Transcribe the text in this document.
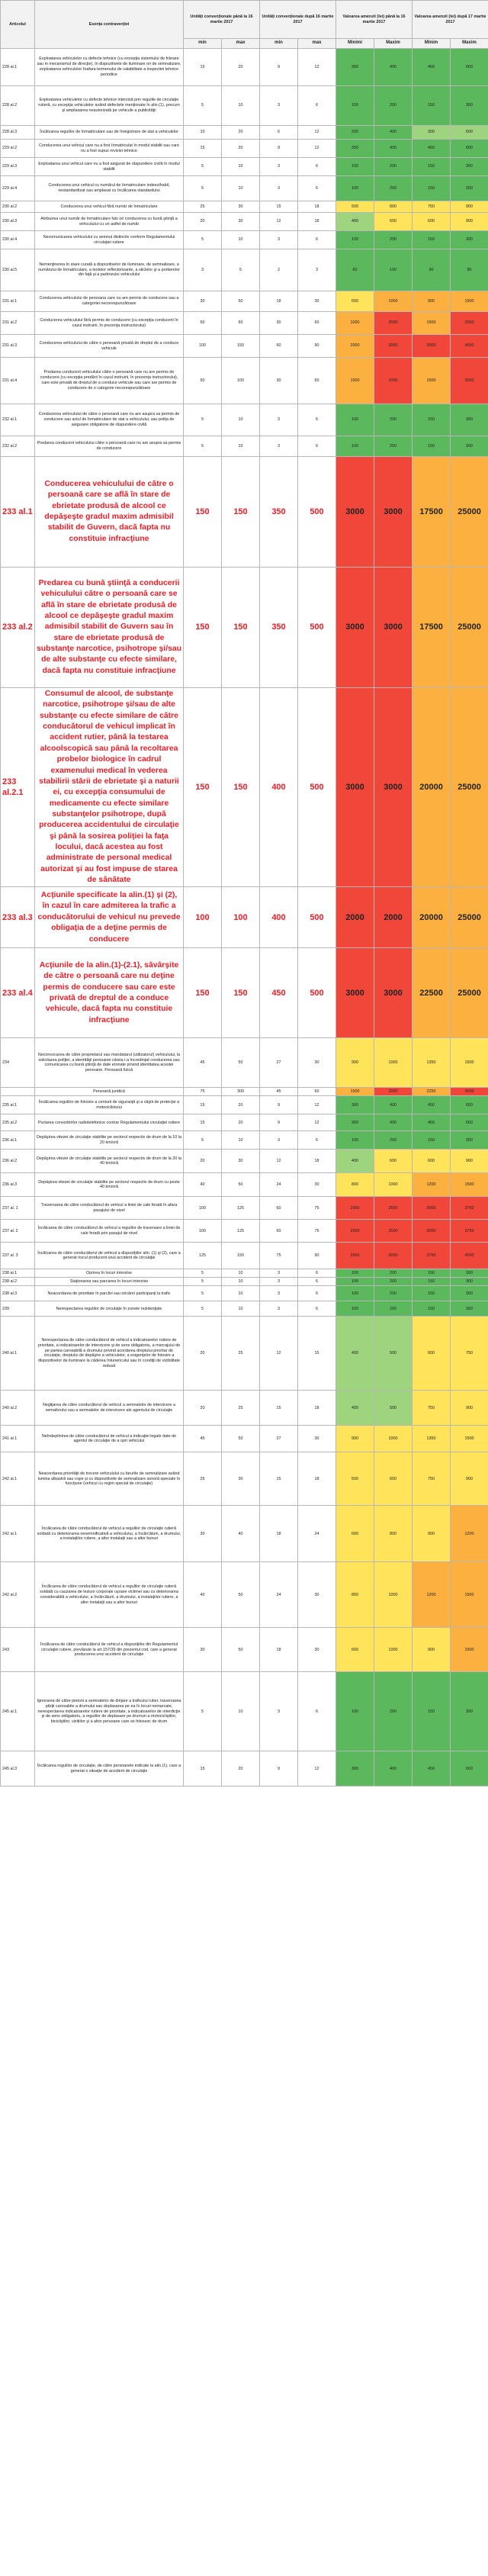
Articolul	Esența contravenției	Unități convenționale până la 16 martie 2017		Unități convenționale după 16 martie 2017		Valoarea amenzii (lei) până la 16 martie 2017		Valoarea amenzii (lei) după 17 martie 2017	
		min	max	min	max	Minimi	Maxim	Minim	Maxim
228 al.1	Exploatarea vehiculelor cu defecte tehnice (cu excepţia sistemului de frânare sau in mecanismul de direcţie), în dispozitivele de iluminare ori de semnalizare, exploatarea vehiculelor înafara termenului de valabilitate a inspectiei tehnice periodice	15	20	9	12	300	400	450	600
228 al.2	Exploatarea vehiculelor cu defecte tehnice interzisă prin regulile de circulaţie rutieră, cu excepţia vehiculelor având defectele menţionate în alin.(1), precum şi amplasarea neautorizată pe vehicule a publicităţii	5	10	3	6	100	200	150	300
228 al.3	Încălcarea regulilor de înmatriculare sau de înregistrare de stat a vehiculelor	10	20	6	12	200	400	300	600
229 al.2	Conducerea unui vehicul care nu a fost înmatriculat în modul stabilit sau care nu a fost supus reviziei tehnice	15	20	9	12	300	400	450	600
229 al.3	Exploatarea unui vehicul care nu a fost asigurat de răspundere civilă în modul stabilit	5	10	3	6	100	200	150	300
229 al.4	Conducerea unui vehicul cu numărul de înmatriculare indescifrabil, nestandardizat sau amplasat cu încălcarea standardului	5	10	3	6	100	200	150	300
230 al.2	Conducerea unui vehicul fără număr de înmatriculare	25	30	15	18	500	600	750	900
230 al.3	Atribuirea unui număr de înmatriculare fals ori conducerea cu bună ştiinţă a vehiculului cu un astfel de număr	20	30	12	18	400	600	600	900
230 al.4	Necomunicarea vehiculului cu semnul distinctiv conform Regulamentului circulaţiei rutiere	5	10	3	6	100	200	150	300
230 al.5	Nemenţinerea în stare curată a dispozitivelor de iluminare, de semnalizare, a numărului de înmatriculare, a textelor reflectorizante, a sticlelor şi a portierelor din faţă şi a parbrizului vehiculului	3	5	2	3	60	100	90	90
231 al.1	Conducerea vehiculului de persoana care nu are permis de conducere sau a categoriei necorespunzătoare	30	50	18	30	600	1000	900	1500
231 al.2	Conducerea vehiculului fără permis de conducere (cu excepţia conducerii în cazul instruirii, în prezenţa instructorului)	50	60	30	60	1000	2000	1500	3000
231 al.3	Conducerea vehiculului de către o persoană privată de dreptul de a conduce vehicule	100	150	60	90	2000	3000	3000	4500
231 al.4	Predarea conducerii vehiculului către o persoană care nu are permis de conducere (cu excepţia predării în cazul instruirii, în prezenţa instructorului), care este privată de dreptul de a conduce vehicule sau care are permis de conducere de o categorie necorespunzătoare	50	100	30	60	1000	2000	1500	3000
232 al.1	Conducerea vehiculului de către o persoană care nu are asupra sa permis de conducere sau actul de înmatriculare de stat a vehiculului, sau polița de asigurare obligatorie de răspundere civilă	5	10	3	6	100	200	150	300
232 al.2	Predarea conducerii vehiculului către o persoană care nu are asupra sa permis de conducere	5	10	3	6	100	200	150	300
233 al.1	Conducerea vehiculului de către o persoană care se află în stare de ebrietate produsă de alcool ce depăşeşte gradul maxim admisibil stabilit de Guvern, dacă fapta nu constituie infracţiune	150	150	350	500	3000	3000	17500	25000
233 al.2	Predarea cu bună ştiinţă a conducerii vehiculului către o persoană care se află în stare de ebrietate produsă de alcool ce depăşeşte gradul maxim admisibil stabilit de Guvern sau în stare de ebrietate produsă de substanţe narcotice, psihotrope şi/sau de alte substanţe cu efecte similare, dacă fapta nu constituie infracţiune	150	150	350	500	3000	3000	17500	25000
233 al.2.1	Consumul de alcool, de substanţe narcotice, psihotrope şi/sau de alte substanţe cu efecte similare de către conducătorul de vehicul implicat în accident rutier, până la testarea alcoolscopică sau până la recoltarea probelor biologice în cadrul examenului medical în vederea stabilirii stării de ebrietate şi a naturii ei, cu excepţia consumului de medicamente cu efecte similare substanţelor psihotrope, după producerea accidentului de circulaţie şi până la sosirea poliţiei la faţa locului, dacă acestea au fost administrate de personal medical autorizat şi au fost impuse de starea de sănătate	150	150	400	500	3000	3000	20000	25000
233 al.3	Acţiunile specificate la alin.(1) şi (2), în cazul în care admiterea la trafic a conducătorului de vehicul nu prevede obligaţia de a deţine permis de conducere	100	100	400	500	2000	2000	20000	25000
233 al.4	Acţiunile de la alin.(1)-(2.1), săvârşite de către o persoană care nu deţine permis de conducere sau care este privată de dreptul de a conduce vehicule, dacă fapta nu constituie infracţiune	150	150	450	500	3000	3000	22500	25000
234	Neconvocarea de către proprietarul sau mandatarul (utilizatorul) vehiculului, la solicitarea poliţiei, a identităţii persoanei căreia i-a încredinţat conducerea sau comunicarea cu bună ştiinţă de date eronate privind identitatea acestei persoane. Persoană fizică	45	50	27	30	900	1000	1350	1500
	Persoană juridică	75	300	45	60	1500	2000	2250	3000
235 al.1	Încălcarea regulilor de folosire a centurii de siguranţă şi a căştii de protecţie a motociclistului	15	20	9	12	300	400	450	600
235 al.2	Purtarea convorbirilor radiotelefonice contrar Regulamentului circulaţiei rutiere	15	20	9	12	300	400	450	600
236 al.1	Depăşirea vitezei de circulaţie stabilite pe sectorul respectiv de drum de la 10 la 20 km/oră	5	10	3	6	100	200	150	300
236 al.2	Depăşirea vitezei de circulaţie stabilite pe sectorul respectiv de drum de la 20 la 40 km/oră	20	30	12	18	400	600	600	900
236 al.3	Depăşirea vitezei de circulaţie stabilite pe sectorul respectiv de drum cu peste 40 km/oră	40	50	24	30	800	1000	1200	1500
237 al. 1	Traversarea de către conducătorul de vehicul a liniei de cale ferată în afara pasajului de nivel	100	125	60	75	2000	2500	3000	3750
237 al. 2	Încălcarea de către conducătorul de vehicul a regulilor de traversare a liniei de cale ferată prin pasajul de nivel	100	125	60	75	2000	2500	3000	3750
237 al. 3	Încălcarea de către conducătorul de vehicul a dispoziţiilor alin. (1) şi (2), care a generat riscul producerii unui accident de circulaţie	125	150	75	90	2500	3000	3750	4500
238 al.1	Oprirea în locuri interzise	5	10	3	6	100	200	150	300
238 al.2	Staţionarea sau parcarea în locuri interzise	5	10	3	6	100	200	150	300
238 al.3	Neacordarea de prioritate în parcări sau oricărei participanţi la trafic	5	10	3	6	100	200	150	300
239	Nerespectarea regulilor de circulaţie în zonele rezidenţiale	5	10	3	6	100	200	150	300
240 al.1	Nerespectarea de către conducătorul de vehicul a indicatoarelor rutiere de prioritate, a indicatoarelor de interzicere şi de sens obligatoriu, a marcajului de pe partea carosabilă a drumului privind acordarea dreptului prioritar de circulaţie, dreptului de depăşire a vehiculelor, a exigenţelor de folosire a dispozitivelor de iluminare la căderea întunericului sau în condiţii de vizibilitate redusă	20	25	12	15	400	500	600	750
240 al.2	Neglijarea de către conducătorul de vehicul a semnalelor de interzicere a semaforului sau a semnalelor de interzicere ale agentului de circulaţie	20	25	15	18	400	500	750	900
241 al.1	Neîndeplinirea de către conducătorul de vehicul a indicaţiei legale date de agentul de circulaţie de a opri vehiculul	45	50	27	30	900	1000	1350	1500
242 al.1	Neacordarea priorităţii de trecere vehiculului cu farurile de semnalizare având lumina albastră sau roşie şi cu dispozitivele de semnalizare sonoră speciale în funcţiune (vehicul cu regim special de circulaţie)	25	30	15	18	500	600	750	900
242 al.1	Încălcarea de către conducătorul de vehicul a regulilor de circulaţie rutieră soldată cu deteriorarea nesemnificativă a vehiculului, a încărcăturii, a drumului, a instalaţiilor rutiere, a altor instalaţii sau a altor bunuri	30	40	18	24	600	800	900	1200
242 al.2	Încălcarea de către conducătorul de vehicul a regulilor de circulaţie rutieră soldată cu cauzarea de leziuni corporale uşoare victimei sau cu deteriorarea considerabilă a vehiculului, a încărcăturii, a drumului, a instalaţiilor rutiere, a altor instalaţii sau a altor bunuri	40	50	24	30	800	1000	1200	1500
243	Încălcarea de către conducătorul de vehicul a dispoziţiilor din Regulamentul circulaţiei rutiere, prevăzute la art.157/39 din prezentul cod, care a generat producerea unui accident de circulaţie	30	50	18	30	600	1000	900	1500
245 al.1	Ignorarea de către pietoni a semnalelor de dirijare a traficului rutier, traversarea părţii carosabile a drumului sau deplasarea pe ea în locuri nemarcate, nerespectarea indicatoarelor rutiere de prioritate, a indicatoarelor de interdicţie şi de sens obligatoriu, a regulilor de deplasare pe drumuri a motocicliştilor, bicicliştilor, vizitiilor şi a altor persoane care se folosesc de drum	5	10	3	6	100	200	150	300
245 al.3	Încălcarea regulilor de circulaţie, de către persoanele indicate la alin.(1), care a generat o situaţie de accident de circulaţie	15	20	9	12	300	400	450	600
